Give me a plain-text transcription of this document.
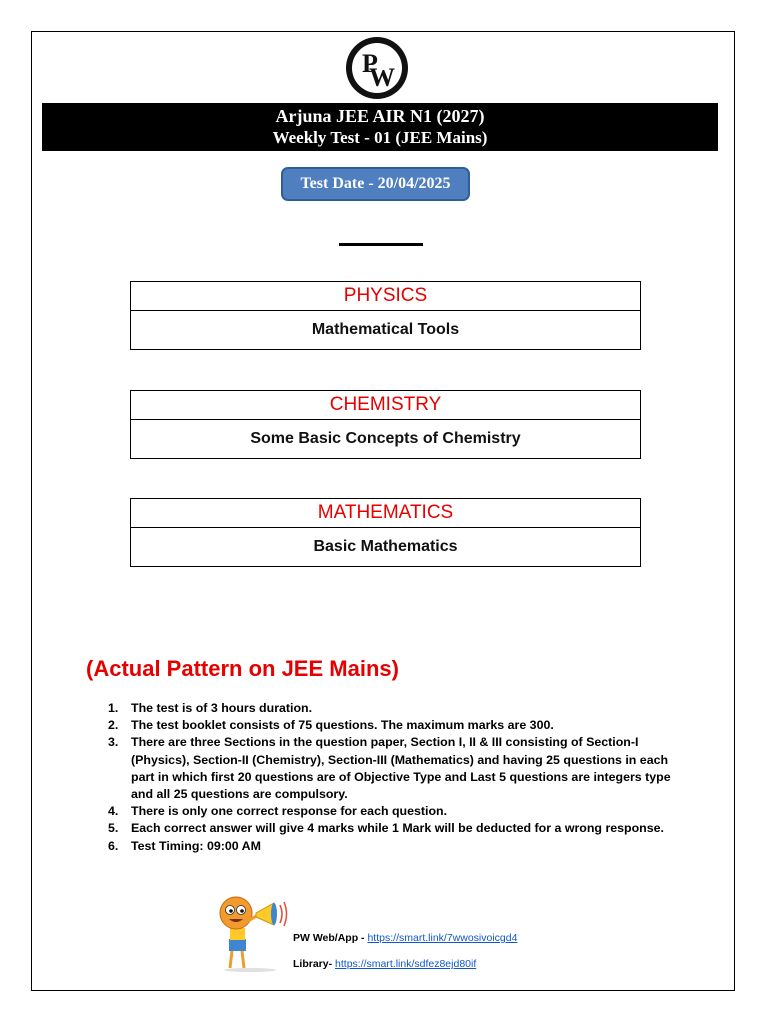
P
W
Arjuna JEE AIR N1 (2027)
Weekly Test - 01 (JEE Mains)
Test Date - 20/04/2025
PHYSICS
Mathematical Tools
CHEMISTRY
Some Basic Concepts of Chemistry
MATHEMATICS
Basic Mathematics
(Actual Pattern on JEE Mains)
1. The test is of 3 hours duration.
2. The test booklet consists of 75 questions. The maximum marks are 300.
3. There are three Sections in the question paper, Section I, II & III consisting of Section-I (Physics), Section-II (Chemistry), Section-III (Mathematics) and having 25 questions in each part in which first 20 questions are of Objective Type and Last 5 questions are integers type and all 25 questions are compulsory.
4. There is only one correct response for each question.
5. Each correct answer will give 4 marks while 1 Mark will be deducted for a wrong response.
6. Test Timing: 09:00 AM
PW Web/App - https://smart.link/7wwosivoicgd4
Library- https://smart.link/sdfez8ejd80if
